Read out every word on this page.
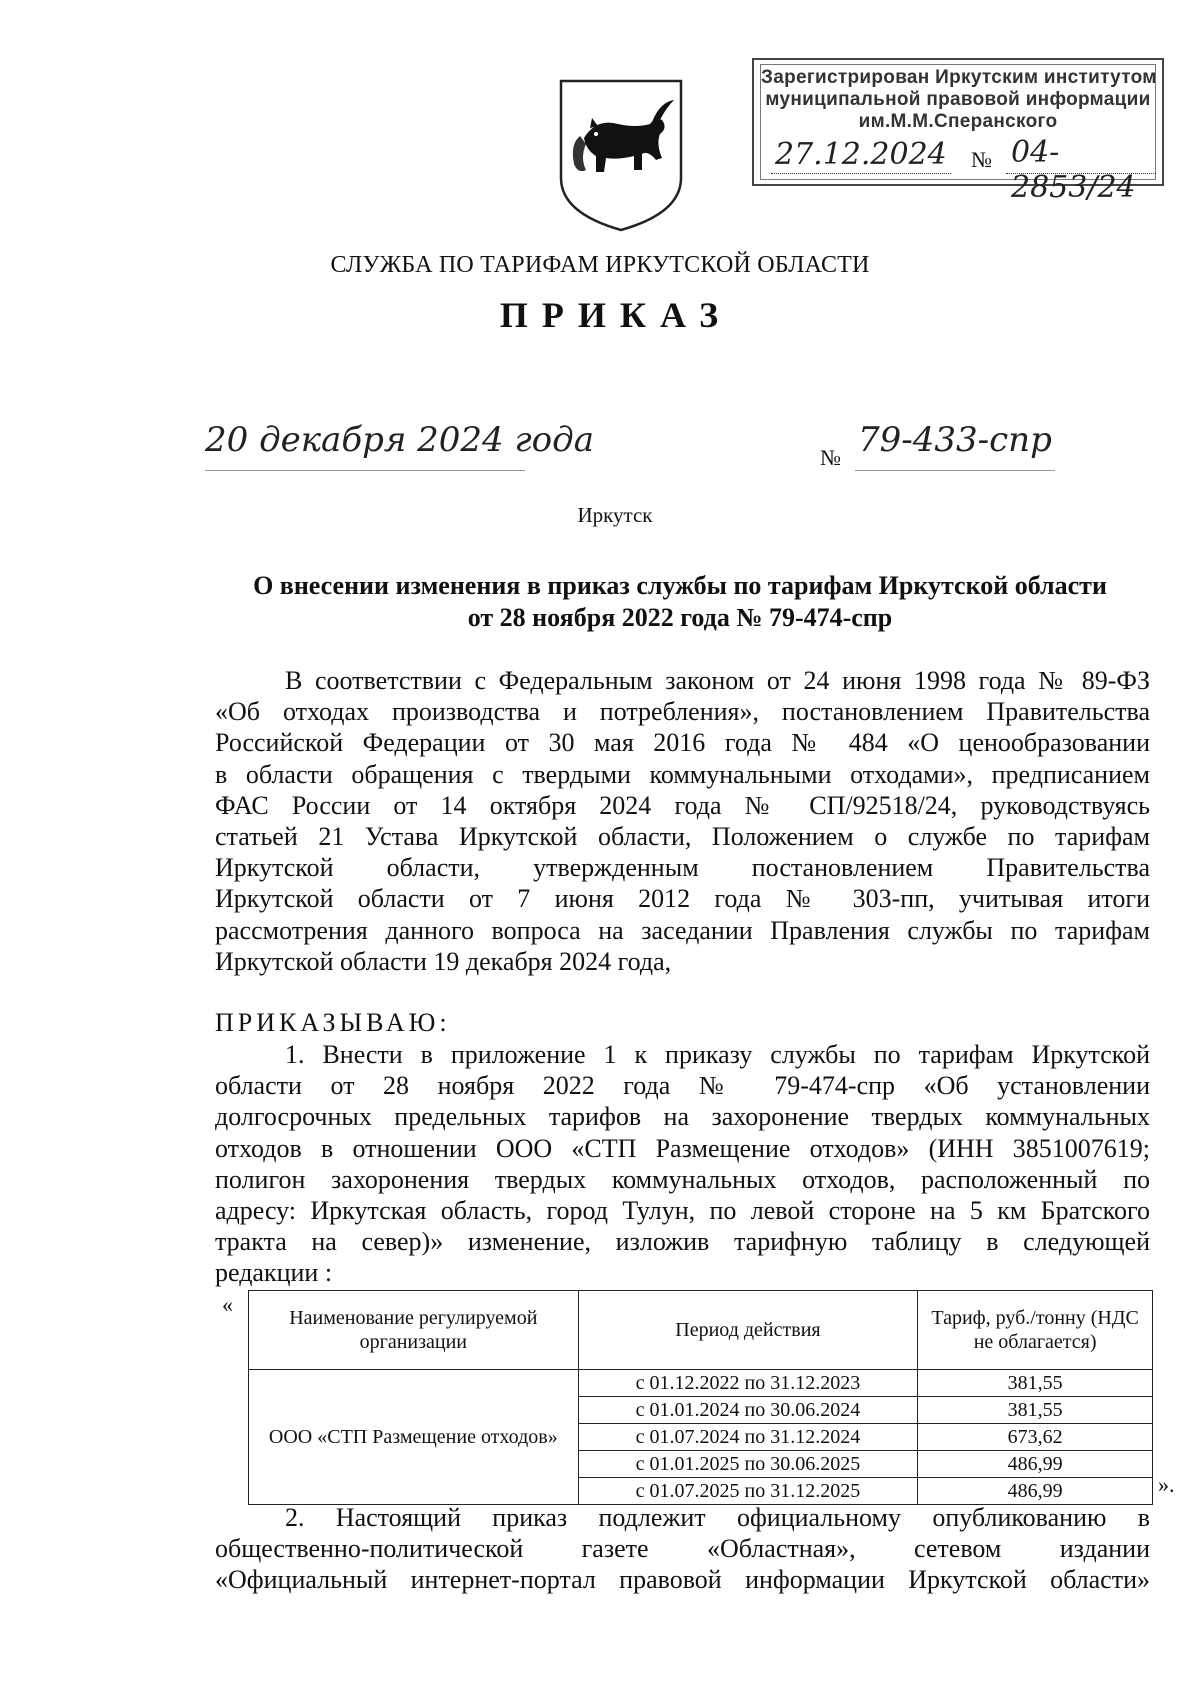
Зарегистрирован Иркутским институтом
муниципальной правовой информации
им.М.М.Сперанского
27.12.2024 № 04-2853/24
СЛУЖБА ПО ТАРИФАМ ИРКУТСКОЙ ОБЛАСТИ
ПРИКАЗ
20 декабря 2024 года	№ 79-433-спр
Иркутск
О внесении изменения в приказ службы по тарифам Иркутской области
от 28 ноября 2022 года № 79-474-спр
В соответствии с Федеральным законом от 24 июня 1998 года № 89-ФЗ
«Об отходах производства и потребления», постановлением Правительства
Российской Федерации от 30 мая 2016 года № 484 «О ценообразовании
в области обращения с твердыми коммунальными отходами», предписанием
ФАС России от 14 октября 2024 года № СП/92518/24, руководствуясь
статьей 21 Устава Иркутской области, Положением о службе по тарифам
Иркутской области, утвержденным постановлением Правительства
Иркутской области от 7 июня 2012 года № 303-пп, учитывая итоги
рассмотрения данного вопроса на заседании Правления службы по тарифам
Иркутской области 19 декабря 2024 года,
ПРИКАЗЫВАЮ:
1. Внести в приложение 1 к приказу службы по тарифам Иркутской
области от 28 ноября 2022 года № 79-474-спр «Об установлении
долгосрочных предельных тарифов на захоронение твердых коммунальных
отходов в отношении ООО «СТП Размещение отходов» (ИНН 3851007619;
полигон захоронения твердых коммунальных отходов, расположенный по
адресу: Иркутская область, город Тулун, по левой стороне на 5 км Братского
тракта на север)» изменение, изложив тарифную таблицу в следующей
редакции :
«
Наименование регулируемой организации	Период действия	Тариф, руб./тонну (НДС не облагается)
ООО «СТП Размещение отходов»	с 01.12.2022 по 31.12.2023	381,55
	с 01.01.2024 по 30.06.2024	381,55
	с 01.07.2024 по 31.12.2024	673,62
	с 01.01.2025 по 30.06.2025	486,99
	с 01.07.2025 по 31.12.2025	486,99	».
2. Настоящий приказ подлежит официальному опубликованию в
общественно-политической газете «Областная», сетевом издании
«Официальный интернет-портал правовой информации Иркутской области»
